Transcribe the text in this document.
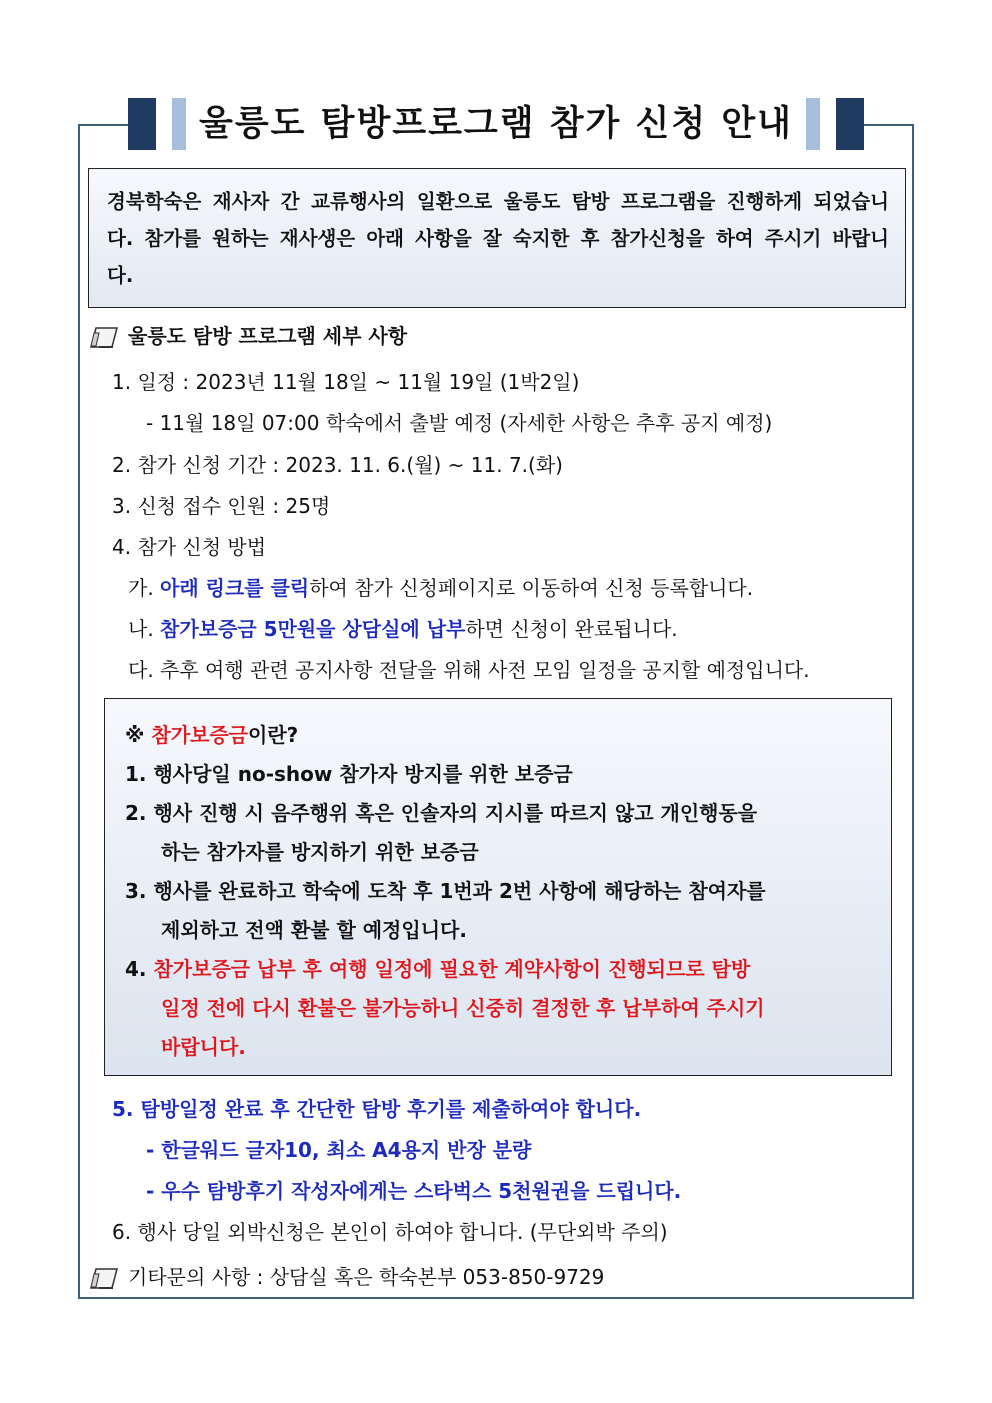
울릉도 탐방프로그램 참가 신청 안내
경북학숙은 재사자 간 교류행사의 일환으로 울릉도 탐방 프로그램을 진행하게 되었습니다. 참가를 원하는 재사생은 아래 사항을 잘 숙지한 후 참가신청을 하여 주시기 바랍니다.
울릉도 탐방 프로그램 세부 사항
1. 일정 : 2023년 11월 18일 ~ 11월 19일 (1박2일)
- 11월 18일 07:00 학숙에서 출발 예정 (자세한 사항은 추후 공지 예정)
2. 참가 신청 기간 : 2023. 11. 6.(월) ~ 11. 7.(화)
3. 신청 접수 인원 : 25명
4. 참가 신청 방법
가. 아래 링크를 클릭하여 참가 신청페이지로 이동하여 신청 등록합니다.
나. 참가보증금 5만원을 상담실에 납부하면 신청이 완료됩니다.
다. 추후 여행 관련 공지사항 전달을 위해 사전 모임 일정을 공지할 예정입니다.
※ 참가보증금이란?
1. 행사당일 no-show 참가자 방지를 위한 보증금
2. 행사 진행 시 음주행위 혹은 인솔자의 지시를 따르지 않고 개인행동을
하는 참가자를 방지하기 위한 보증금
3. 행사를 완료하고 학숙에 도착 후 1번과 2번 사항에 해당하는 참여자를
제외하고 전액 환불 할 예정입니다.
4. 참가보증금 납부 후 여행 일정에 필요한 계약사항이 진행되므로 탐방
일정 전에 다시 환불은 불가능하니 신중히 결정한 후 납부하여 주시기
바랍니다.
5. 탐방일정 완료 후 간단한 탐방 후기를 제출하여야 합니다.
- 한글워드 글자10, 최소 A4용지 반장 분량
- 우수 탐방후기 작성자에게는 스타벅스 5천원권을 드립니다.
6. 행사 당일 외박신청은 본인이 하여야 합니다. (무단외박 주의)
기타문의 사항 : 상담실 혹은 학숙본부 053-850-9729
